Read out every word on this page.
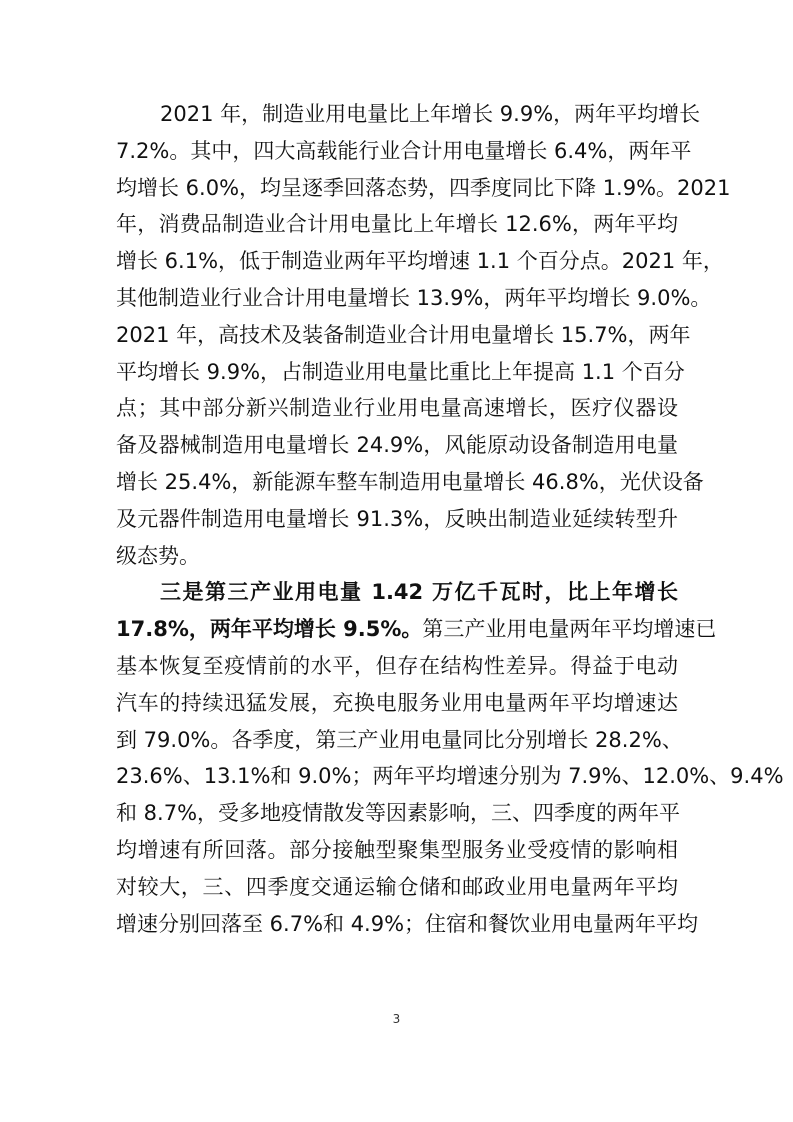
2021 年，制造业用电量比上年增长 9.9%，两年平均增长
7.2%。其中，四大高载能行业合计用电量增长 6.4%，两年平
均增长 6.0%，均呈逐季回落态势，四季度同比下降 1.9%。2021
年，消费品制造业合计用电量比上年增长 12.6%，两年平均
增长 6.1%，低于制造业两年平均增速 1.1 个百分点。2021 年，
其他制造业行业合计用电量增长 13.9%，两年平均增长 9.0%。
2021 年，高技术及装备制造业合计用电量增长 15.7%，两年
平均增长 9.9%，占制造业用电量比重比上年提高 1.1 个百分
点；其中部分新兴制造业行业用电量高速增长，医疗仪器设
备及器械制造用电量增长 24.9%，风能原动设备制造用电量
增长 25.4%，新能源车整车制造用电量增长 46.8%，光伏设备
及元器件制造用电量增长 91.3%，反映出制造业延续转型升
级态势。
三是第三产业用电量 1.42 万亿千瓦时，比上年增长
17.8%，两年平均增长 9.5%。第三产业用电量两年平均增速已
基本恢复至疫情前的水平，但存在结构性差异。得益于电动
汽车的持续迅猛发展，充换电服务业用电量两年平均增速达
到 79.0%。各季度，第三产业用电量同比分别增长 28.2%、
23.6%、13.1%和 9.0%；两年平均增速分别为 7.9%、12.0%、9.4%
和 8.7%，受多地疫情散发等因素影响，三、四季度的两年平
均增速有所回落。部分接触型聚集型服务业受疫情的影响相
对较大，三、四季度交通运输仓储和邮政业用电量两年平均
增速分别回落至 6.7%和 4.9%；住宿和餐饮业用电量两年平均
3
